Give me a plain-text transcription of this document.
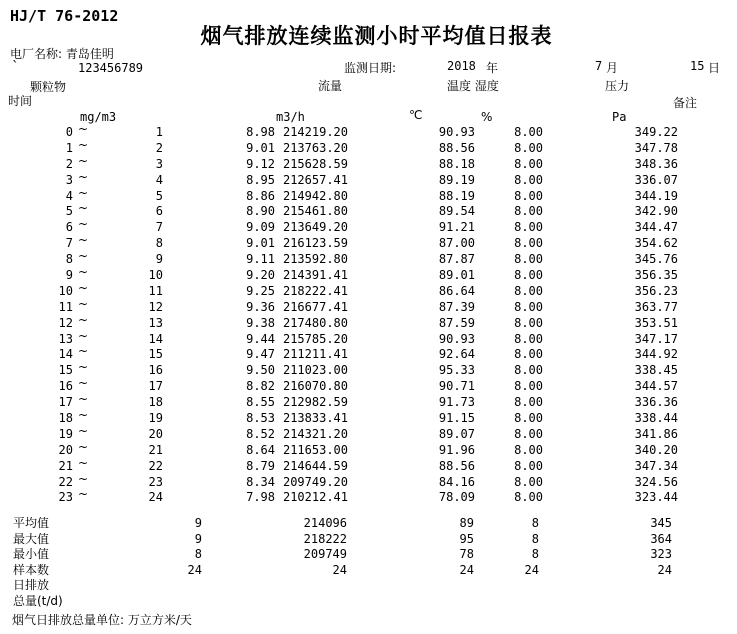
HJ/T 76-2012
烟气排放连续监测小时平均值日报表
电厂名称: 青岛佳明
`	123456789	监测日期:	2018 年	7 月	15 日
颗粒物	流量	温度 湿度	压力
时间	备注
mg/m3	m3/h	℃	%	Pa
0 ~	1	8.98 214219.20	90.93	8.00	349.22
1 ~	2	9.01 213763.20	88.56	8.00	347.78
2 ~	3	9.12 215628.59	88.18	8.00	348.36
3 ~	4	8.95 212657.41	89.19	8.00	336.07
4 ~	5	8.86 214942.80	88.19	8.00	344.19
5 ~	6	8.90 215461.80	89.54	8.00	342.90
6 ~	7	9.09 213649.20	91.21	8.00	344.47
7 ~	8	9.01 216123.59	87.00	8.00	354.62
8 ~	9	9.11 213592.80	87.87	8.00	345.76
9 ~	10	9.20 214391.41	89.01	8.00	356.35
10 ~	11	9.25 218222.41	86.64	8.00	356.23
11 ~	12	9.36 216677.41	87.39	8.00	363.77
12 ~	13	9.38 217480.80	87.59	8.00	353.51
13 ~	14	9.44 215785.20	90.93	8.00	347.17
14 ~	15	9.47 211211.41	92.64	8.00	344.92
15 ~	16	9.50 211023.00	95.33	8.00	338.45
16 ~	17	8.82 216070.80	90.71	8.00	344.57
17 ~	18	8.55 212982.59	91.73	8.00	336.36
18 ~	19	8.53 213833.41	91.15	8.00	338.44
19 ~	20	8.52 214321.20	89.07	8.00	341.86
20 ~	21	8.64 211653.00	91.96	8.00	340.20
21 ~	22	8.79 214644.59	88.56	8.00	347.34
22 ~	23	8.34 209749.20	84.16	8.00	324.56
23 ~	24	7.98 210212.41	78.09	8.00	323.44
平均值	9	214096	89	8	345
最大值	9	218222	95	8	364
最小值	8	209749	78	8	323
样本数	24	24	24	24	24
日排放
总量(t/d)
烟气日排放总量单位: 万立方米/天
